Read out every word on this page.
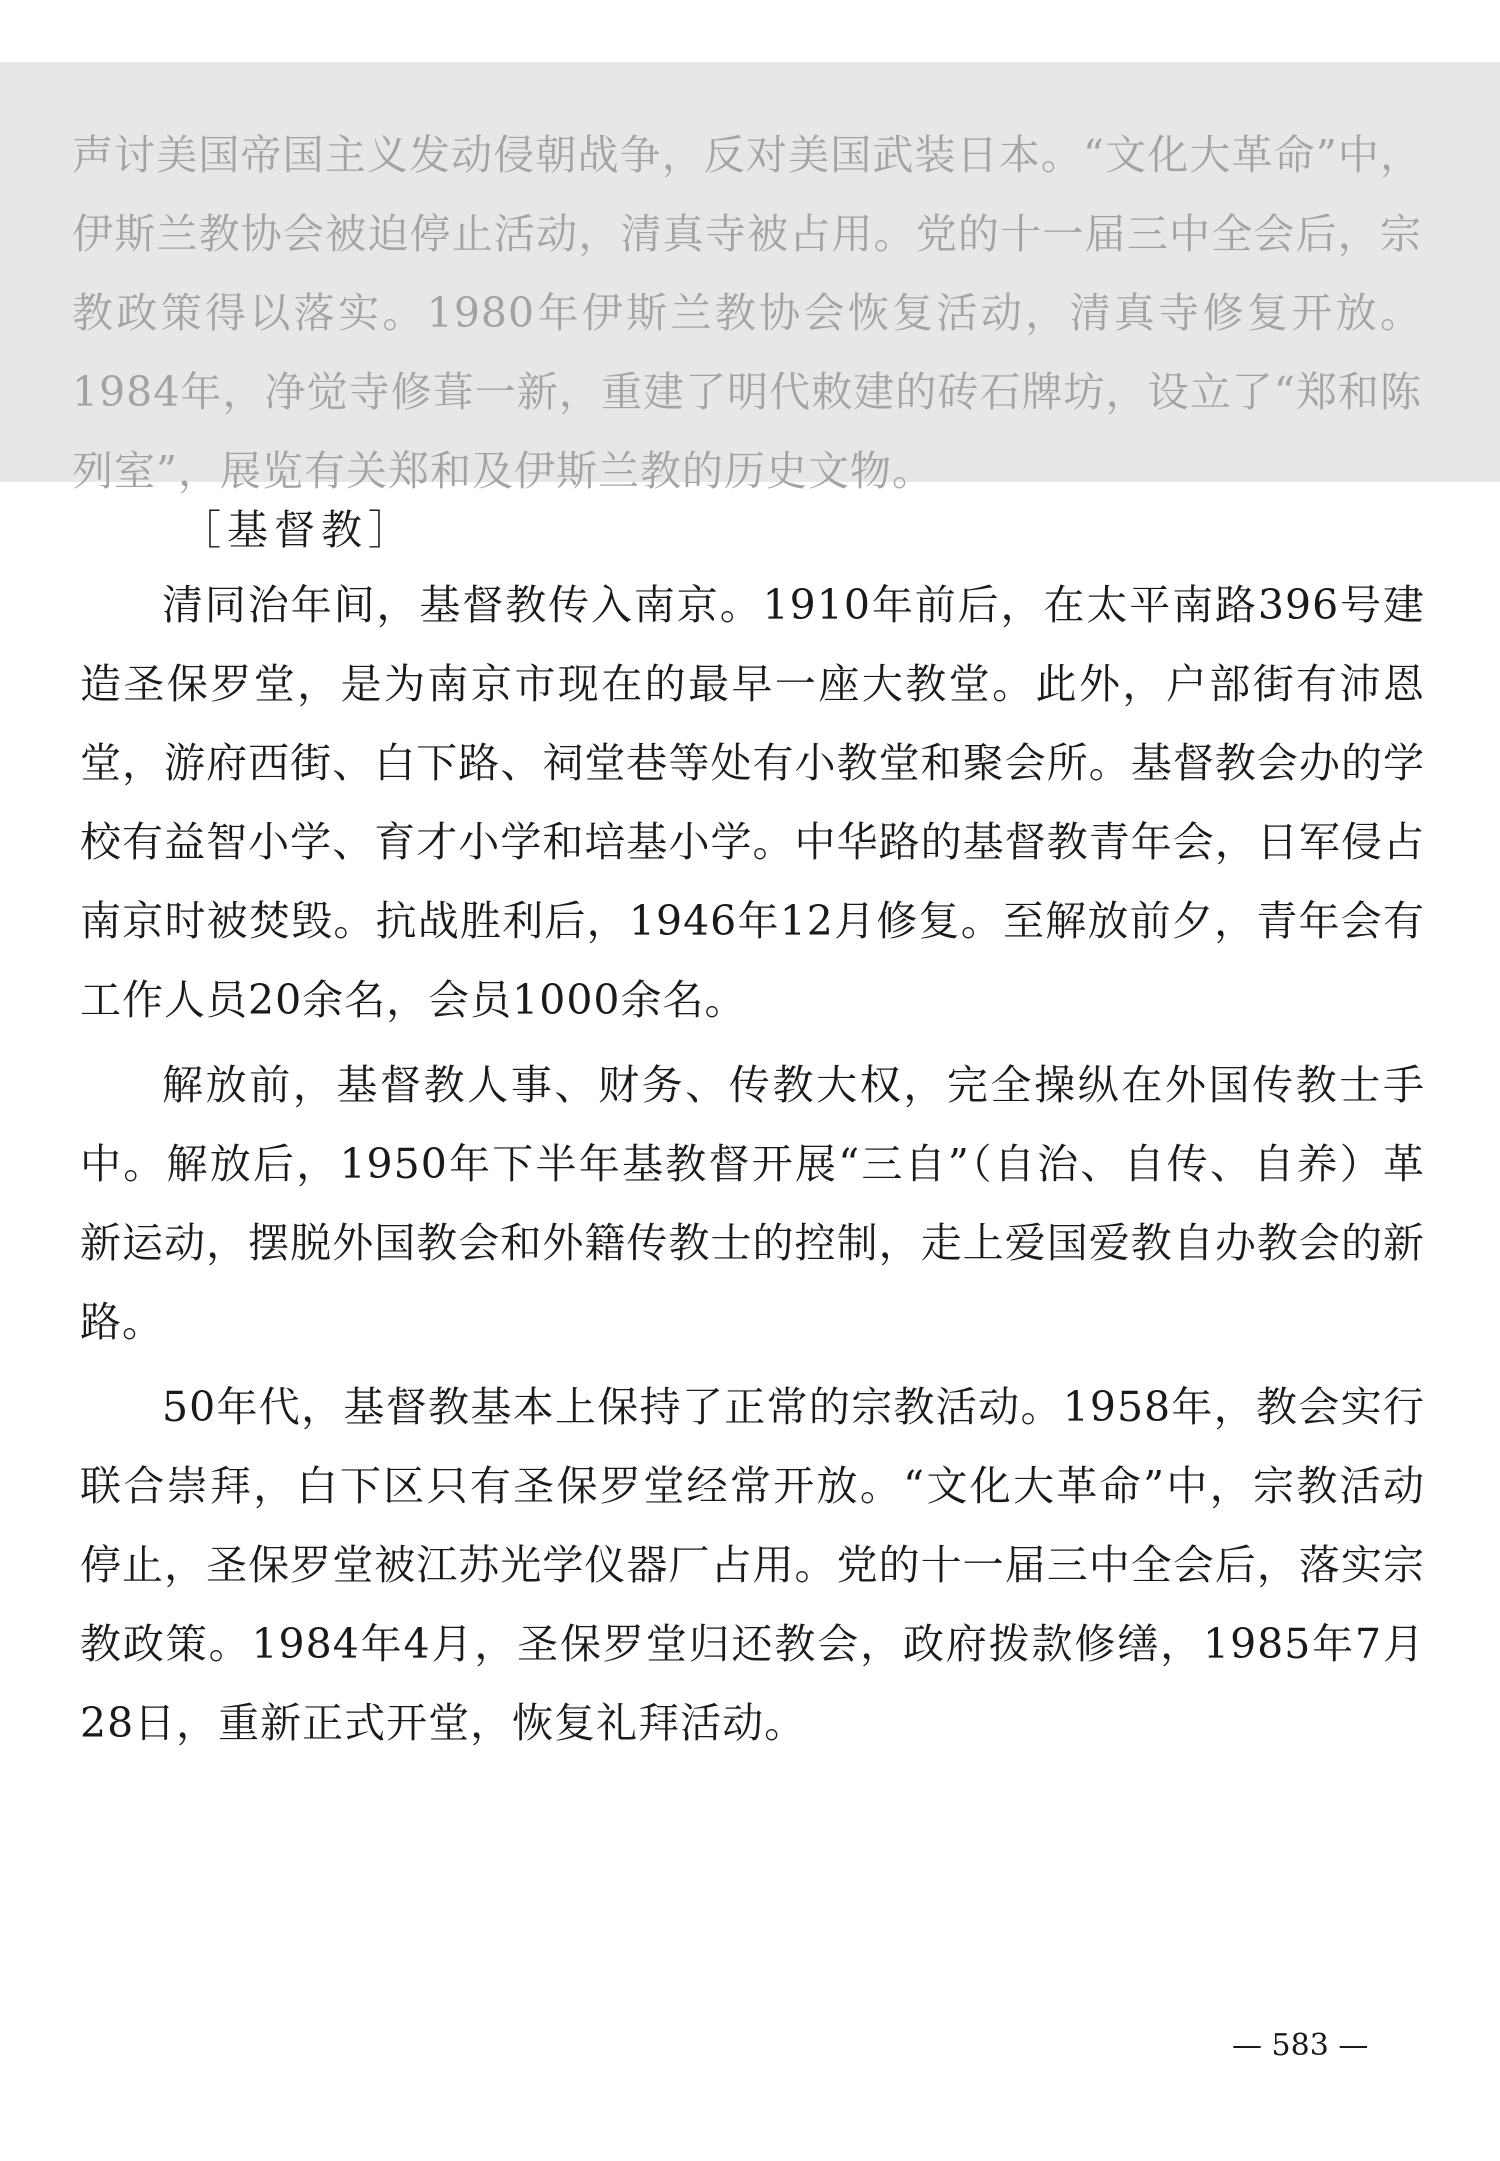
声讨美国帝国主义发动侵朝战争，反对美国武装日本。“文化大革命”中，伊斯兰教协会被迫停止活动，清真寺被占用。党的十一届三中全会后，宗教政策得以落实。1980年伊斯兰教协会恢复活动，清真寺修复开放。1984年，净觉寺修葺一新，重建了明代敕建的砖石牌坊，设立了“郑和陈列室”，展览有关郑和及伊斯兰教的历史文物。

［基督教］

清同治年间，基督教传入南京。1910年前后，在太平南路396号建造圣保罗堂，是为南京市现在的最早一座大教堂。此外，户部街有沛恩堂，游府西街、白下路、祠堂巷等处有小教堂和聚会所。基督教会办的学校有益智小学、育才小学和培基小学。中华路的基督教青年会，日军侵占南京时被焚毁。抗战胜利后，1946年12月修复。至解放前夕，青年会有工作人员20余名，会员1000余名。

解放前，基督教人事、财务、传教大权，完全操纵在外国传教士手中。解放后，1950年下半年基教督开展“三自”（自治、自传、自养）革新运动，摆脱外国教会和外籍传教士的控制，走上爱国爱教自办教会的新路。

50年代，基督教基本上保持了正常的宗教活动。1958年，教会实行联合崇拜，白下区只有圣保罗堂经常开放。“文化大革命”中，宗教活动停止，圣保罗堂被江苏光学仪器厂占用。党的十一届三中全会后，落实宗教政策。1984年4月，圣保罗堂归还教会，政府拨款修缮，1985年7月28日，重新正式开堂，恢复礼拜活动。

— 583 —
